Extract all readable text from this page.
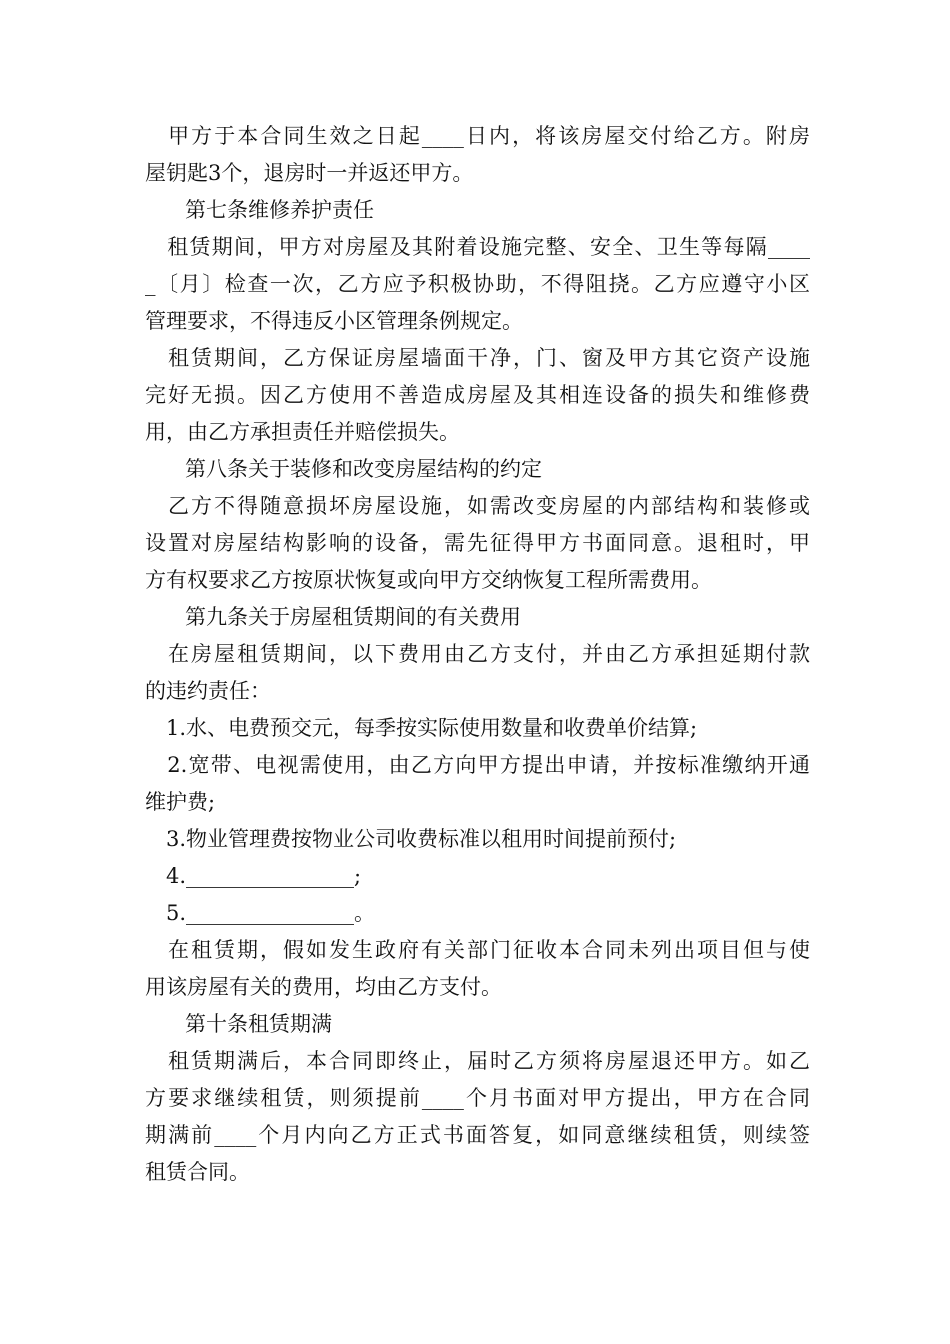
　甲方于本合同生效之日起____日内，将该房屋交付给乙方。附房
屋钥匙3个，退房时一并返还甲方。
第七条维修养护责任
　租赁期间，甲方对房屋及其附着设施完整、安全、卫生等每隔____
_〔月〕检查一次，乙方应予积极协助，不得阻挠。乙方应遵守小区
管理要求，不得违反小区管理条例规定。
　租赁期间，乙方保证房屋墙面干净，门、窗及甲方其它资产设施
完好无损。因乙方使用不善造成房屋及其相连设备的损失和维修费
用，由乙方承担责任并赔偿损失。
第八条关于装修和改变房屋结构的约定
　乙方不得随意损坏房屋设施，如需改变房屋的内部结构和装修或
设置对房屋结构影响的设备，需先征得甲方书面同意。退租时，甲
方有权要求乙方按原状恢复或向甲方交纳恢复工程所需费用。
第九条关于房屋租赁期间的有关费用
　在房屋租赁期间，以下费用由乙方支付，并由乙方承担延期付款
的违约责任：
　1.水、电费预交元，每季按实际使用数量和收费单价结算;
　2.宽带、电视需使用，由乙方向甲方提出申请，并按标准缴纳开通
维护费;
　3.物业管理费按物业公司收费标准以租用时间提前预付;
　4.________________;
　5.________________。
　在租赁期，假如发生政府有关部门征收本合同未列出项目但与使
用该房屋有关的费用，均由乙方支付。
第十条租赁期满
　租赁期满后，本合同即终止，届时乙方须将房屋退还甲方。如乙
方要求继续租赁，则须提前____个月书面对甲方提出，甲方在合同
期满前____个月内向乙方正式书面答复，如同意继续租赁，则续签
租赁合同。
